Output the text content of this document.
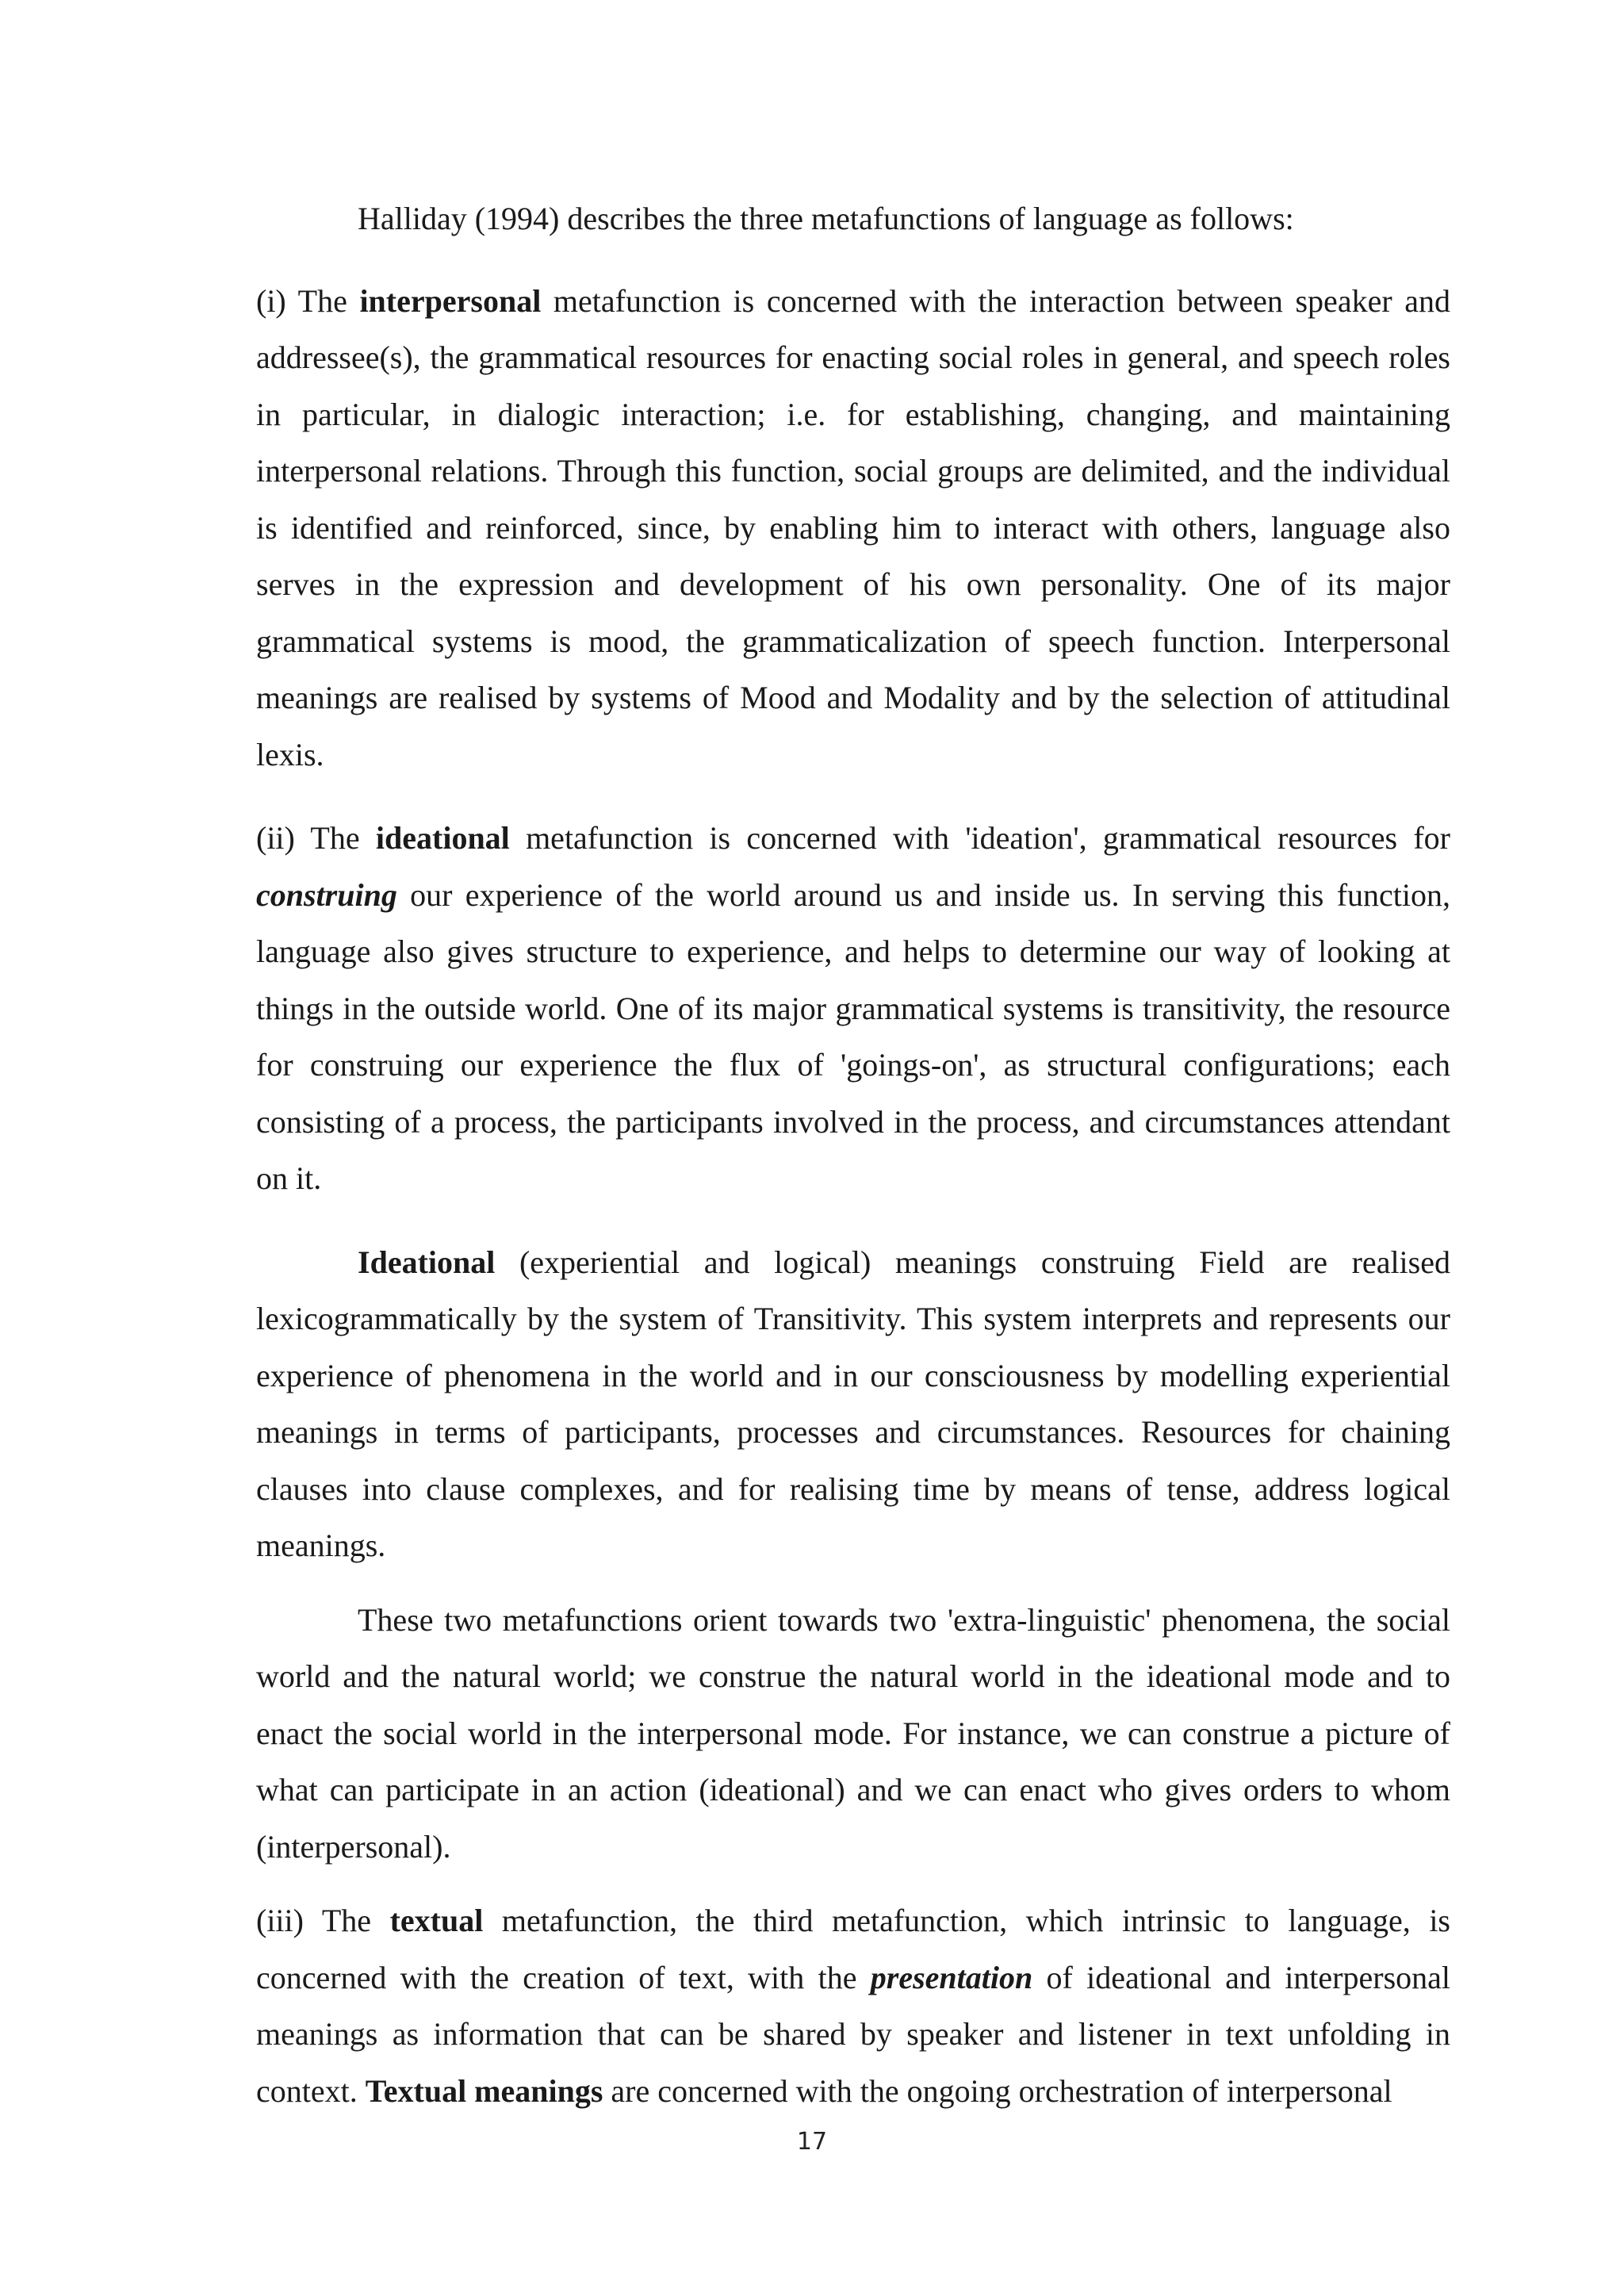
Halliday (1994) describes the three metafunctions of language as follows:

(i) The interpersonal metafunction is concerned with the interaction between speaker and addressee(s), the grammatical resources for enacting social roles in general, and speech roles in particular, in dialogic interaction; i.e. for establishing, changing, and maintaining interpersonal relations. Through this function, social groups are delimited, and the individual is identified and reinforced, since, by enabling him to interact with others, language also serves in the expression and development of his own personality. One of its major grammatical systems is mood, the grammaticalization of speech function. Interpersonal meanings are realised by systems of Mood and Modality and by the selection of attitudinal lexis.

(ii) The ideational metafunction is concerned with 'ideation', grammatical resources for construing our experience of the world around us and inside us. In serving this function, language also gives structure to experience, and helps to determine our way of looking at things in the outside world. One of its major grammatical systems is transitivity, the resource for construing our experience the flux of 'goings-on', as structural configurations; each consisting of a process, the participants involved in the process, and circumstances attendant on it.

Ideational (experiential and logical) meanings construing Field are realised lexicogrammatically by the system of Transitivity. This system interprets and represents our experience of phenomena in the world and in our consciousness by modelling experiential meanings in terms of participants, processes and circumstances. Resources for chaining clauses into clause complexes, and for realising time by means of tense, address logical meanings.

These two metafunctions orient towards two 'extra-linguistic' phenomena, the social world and the natural world; we construe the natural world in the ideational mode and to enact the social world in the interpersonal mode. For instance, we can construe a picture of what can participate in an action (ideational) and we can enact who gives orders to whom (interpersonal).

(iii) The textual metafunction, the third metafunction, which intrinsic to language, is concerned with the creation of text, with the presentation of ideational and interpersonal meanings as information that can be shared by speaker and listener in text unfolding in context. Textual meanings are concerned with the ongoing orchestration of interpersonal

17
